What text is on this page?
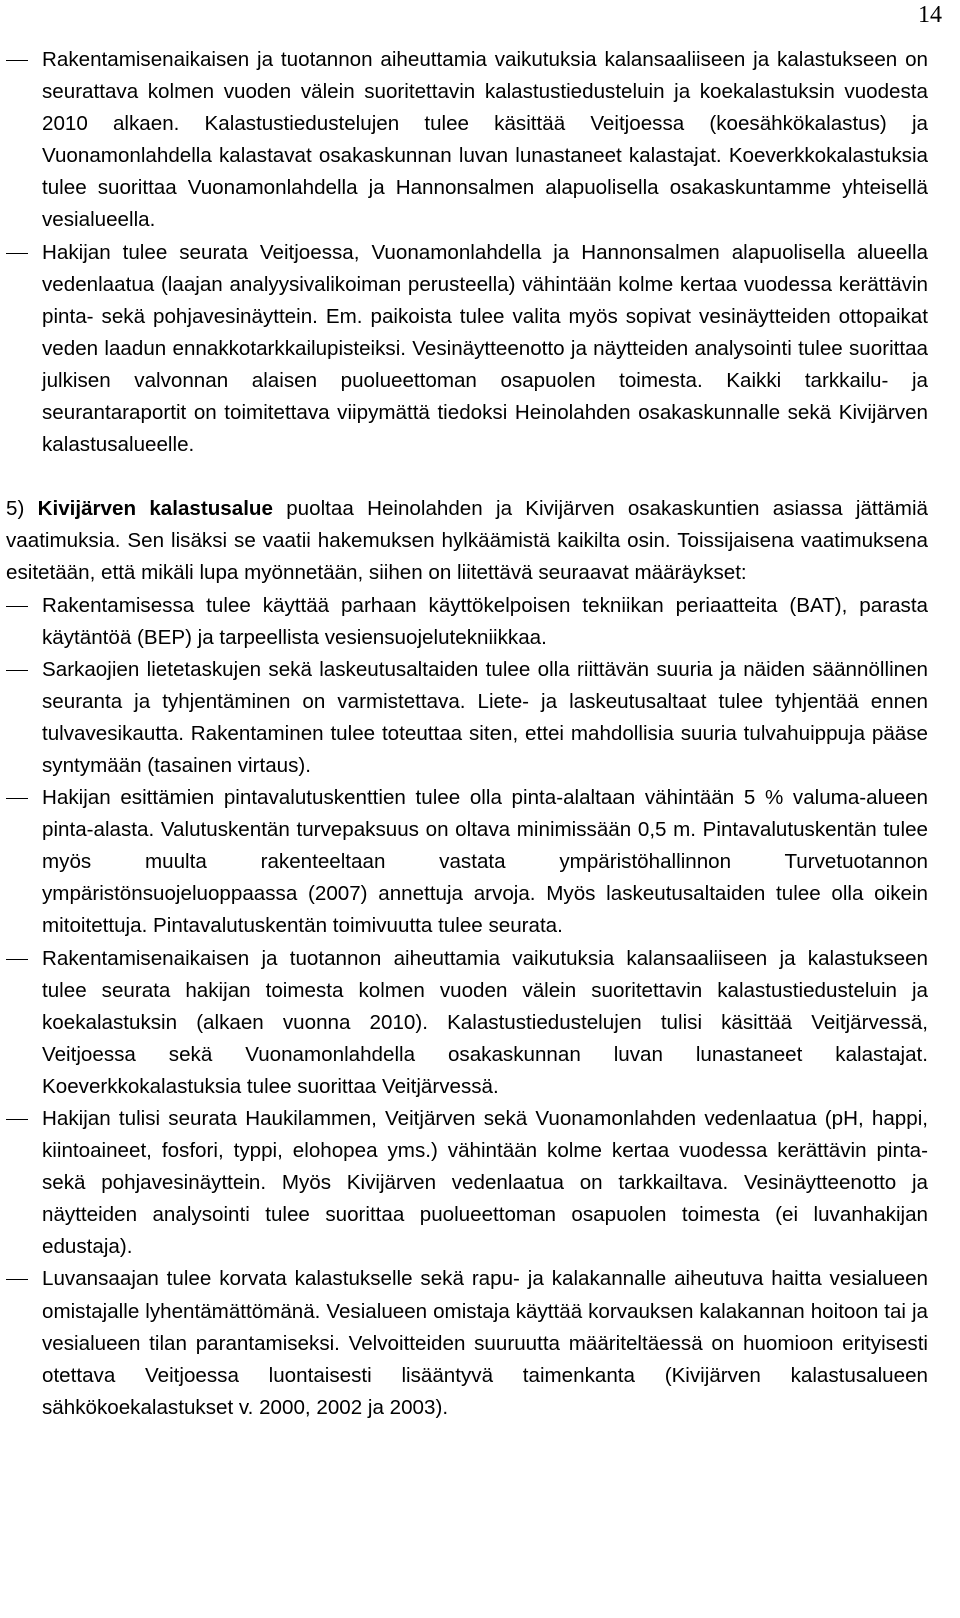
14
Rakentamisenaikaisen ja tuotannon aiheuttamia vaikutuksia kalansaaliiseen ja kalastukseen on seurattava kolmen vuoden välein suoritettavin kalastustiedusteluin ja koekalastuksin vuodesta 2010 alkaen. Kalastustiedustelujen tulee käsittää Veitjoessa (koesähkökalastus) ja Vuonamonlahdella kalastavat osakaskunnan luvan lunastaneet kalastajat. Koeverkkokalastuksia tulee suorittaa Vuonamonlahdella ja Hannonsalmen alapuolisella osakaskuntamme yhteisellä vesialueella.
Hakijan tulee seurata Veitjoessa, Vuonamonlahdella ja Hannonsalmen alapuolisella alueella vedenlaatua (laajan analyysivalikoiman perusteella) vähintään kolme kertaa vuodessa kerättävin pinta- sekä pohjavesinäyttein. Em. paikoista tulee valita myös sopivat vesinäytteiden ottopaikat veden laadun ennakkotarkkailupisteiksi. Vesinäytteenotto ja näytteiden analysointi tulee suorittaa julkisen valvonnan alaisen puolueettoman osapuolen toimesta. Kaikki tarkkailu- ja seurantaraportit on toimitettava viipymättä tiedoksi Heinolahden osakaskunnalle sekä Kivijärven kalastusalueelle.

5) Kivijärven kalastusalue puoltaa Heinolahden ja Kivijärven osakaskuntien asiassa jättämiä vaatimuksia. Sen lisäksi se vaatii hakemuksen hylkäämistä kaikilta osin. Toissijaisena vaatimuksena esitetään, että mikäli lupa myönnetään, siihen on liitettävä seuraavat määräykset:

Rakentamisessa tulee käyttää parhaan käyttökelpoisen tekniikan periaatteita (BAT), parasta käytäntöä (BEP) ja tarpeellista vesiensuojelutekniikkaa.
Sarkaojien lietetaskujen sekä laskeutusaltaiden tulee olla riittävän suuria ja näiden säännöllinen seuranta ja tyhjentäminen on varmistettava. Liete- ja laskeutusaltaat tulee tyhjentää ennen tulvavesikautta. Rakentaminen tulee toteuttaa siten, ettei mahdollisia suuria tulvahuippuja pääse syntymään (tasainen virtaus).
Hakijan esittämien pintavalutuskenttien tulee olla pinta-alaltaan vähintään 5 % valuma-alueen pinta-alasta. Valutuskentän turvepaksuus on oltava minimissään 0,5 m. Pintavalutuskentän tulee myös muulta rakenteeltaan vastata ympäristöhallinnon Turvetuotannon ympäristönsuojeluoppaassa (2007) annettuja arvoja. Myös laskeutusaltaiden tulee olla oikein mitoitettuja. Pintavalutuskentän toimivuutta tulee seurata.
Rakentamisenaikaisen ja tuotannon aiheuttamia vaikutuksia kalansaaliiseen ja kalastukseen tulee seurata hakijan toimesta kolmen vuoden välein suoritettavin kalastustiedusteluin ja koekalastuksin (alkaen vuonna 2010). Kalastustiedustelujen tulisi käsittää Veitjärvessä, Veitjoessa sekä Vuonamonlahdella osakaskunnan luvan lunastaneet kalastajat. Koeverkkokalastuksia tulee suorittaa Veitjärvessä.
Hakijan tulisi seurata Haukilammen, Veitjärven sekä Vuonamonlahden vedenlaatua (pH, happi, kiintoaineet, fosfori, typpi, elohopea yms.) vähintään kolme kertaa vuodessa kerättävin pinta- sekä pohjavesinäyttein. Myös Kivijärven vedenlaatua on tarkkailtava. Vesinäytteenotto ja näytteiden analysointi tulee suorittaa puolueettoman osapuolen toimesta (ei luvanhakijan edustaja).
Luvansaajan tulee korvata kalastukselle sekä rapu- ja kalakannalle aiheutuva haitta vesialueen omistajalle lyhentämättömänä. Vesialueen omistaja käyttää korvauksen kalakannan hoitoon tai ja vesialueen tilan parantamiseksi. Velvoitteiden suuruutta määriteltäessä on huomioon erityisesti otettava Veitjoessa luontaisesti lisääntyvä taimenkanta (Kivijärven kalastusalueen sähkökoekalastukset v. 2000, 2002 ja 2003).
